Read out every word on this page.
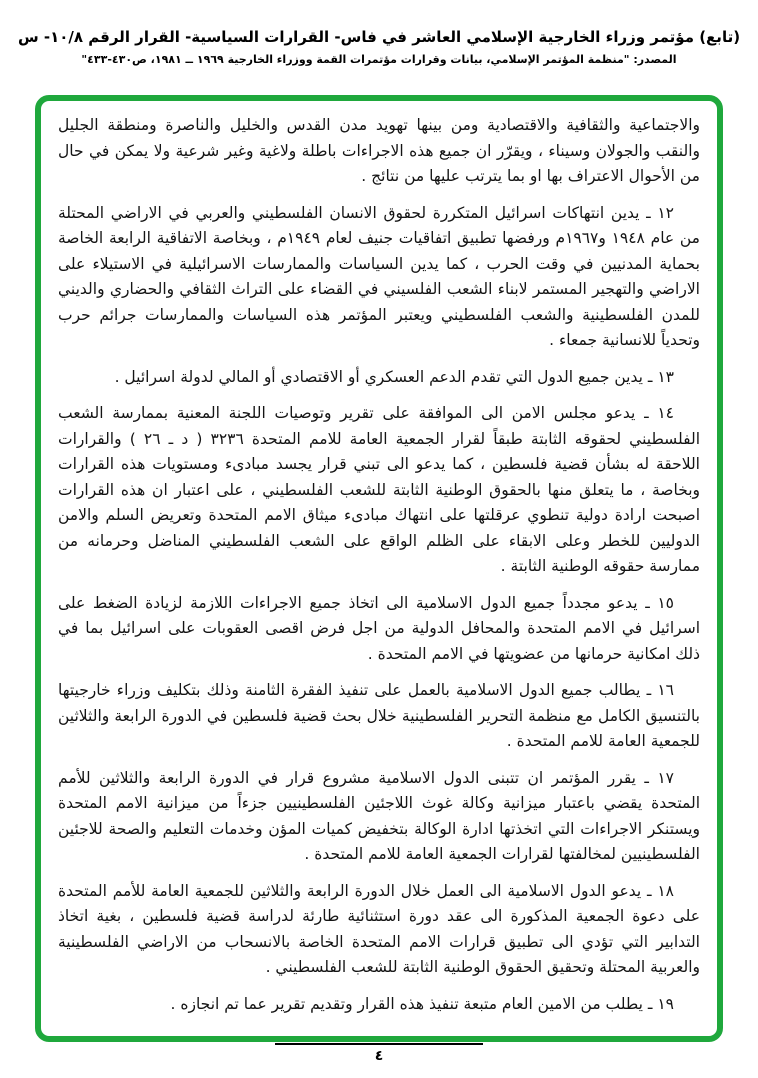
(تابع) مؤتمر وزراء الخارجية الإسلامي العاشر في فاس- القرارات السياسية- القرار الرقم ١٠/٨- س
المصدر: "منظمة المؤتمر الإسلامي، بيانات وقرارات مؤتمرات القمة ووزراء الخارجية ١٩٦٩ ــ ١٩٨١، ص٤٣٠-٤٣٣"

والاجتماعية والثقافية والاقتصادية ومن بينها تهويد مدن القدس والخليل والناصرة ومنطقة الجليل والنقب والجولان وسيناء ، ويقرّر ان جميع هذه الاجراءات باطلة ولاغية وغير شرعية ولا يمكن في حال من الأحوال الاعتراف بها او بما يترتب عليها من نتائج .

١٢ ـ يدين انتهاكات اسرائيل المتكررة لحقوق الانسان الفلسطيني والعربي في الاراضي المحتلة من عام ١٩٤٨ و١٩٦٧م ورفضها تطبيق اتفاقيات جنيف لعام ١٩٤٩م ، وبخاصة الاتفاقية الرابعة الخاصة بحماية المدنيين في وقت الحرب ، كما يدين السياسات والممارسات الاسرائيلية في الاستيلاء على الاراضي والتهجير المستمر لابناء الشعب الفلسيني في القضاء على التراث الثقافي والحضاري والديني للمدن الفلسطينية والشعب الفلسطيني ويعتبر المؤتمر هذه السياسات والممارسات جرائم حرب وتحدياً للانسانية جمعاء .

١٣ ـ يدين جميع الدول التي تقدم الدعم العسكري أو الاقتصادي أو المالي لدولة اسرائيل .

١٤ ـ يدعو مجلس الامن الى الموافقة على تقرير وتوصيات اللجنة المعنية بممارسة الشعب الفلسطيني لحقوقه الثابتة طبقاً لقرار الجمعية العامة للامم المتحدة ٣٢٣٦ ( د ـ ٢٦ ) والقرارات اللاحقة له بشأن قضية فلسطين ، كما يدعو الى تبني قرار يجسد مبادىء ومستويات هذه القرارات وبخاصة ، ما يتعلق منها بالحقوق الوطنية الثابتة للشعب الفلسطيني ، على اعتبار ان هذه القرارات اصبحت ارادة دولية تنطوي عرقلتها على انتهاك مبادىء ميثاق الامم المتحدة وتعريض السلم والامن الدوليين للخطر وعلى الابقاء على الظلم الواقع على الشعب الفلسطيني المناضل وحرمانه من ممارسة حقوقه الوطنية الثابتة .

١٥ ـ يدعو مجدداً جميع الدول الاسلامية الى اتخاذ جميع الاجراءات اللازمة لزيادة الضغط على اسرائيل في الامم المتحدة والمحافل الدولية من اجل فرض اقصى العقوبات على اسرائيل بما في ذلك امكانية حرمانها من عضويتها في الامم المتحدة .

١٦ ـ يطالب جميع الدول الاسلامية بالعمل على تنفيذ الفقرة الثامنة وذلك بتكليف وزراء خارجيتها بالتنسيق الكامل مع منظمة التحرير الفلسطينية خلال بحث قضية فلسطين في الدورة الرابعة والثلاثين للجمعية العامة للامم المتحدة .

١٧ ـ يقرر المؤتمر ان تتبنى الدول الاسلامية مشروع قرار في الدورة الرابعة والثلاثين للأمم المتحدة يقضي باعتبار ميزانية وكالة غوث اللاجئين الفلسطينيين جزءاً من ميزانية الامم المتحدة ويستنكر الاجراءات التي اتخذتها ادارة الوكالة بتخفيض كميات المؤن وخدمات التعليم والصحة للاجئين الفلسطينيين لمخالفتها لقرارات الجمعية العامة للامم المتحدة .

١٨ ـ يدعو الدول الاسلامية الى العمل خلال الدورة الرابعة والثلاثين للجمعية العامة للأمم المتحدة على دعوة الجمعية المذكورة الى عقد دورة استثنائية طارئة لدراسة قضية فلسطين ، بغية اتخاذ التدابير التي تؤدي الى تطبيق قرارات الامم المتحدة الخاصة بالانسحاب من الاراضي الفلسطينية والعربية المحتلة وتحقيق الحقوق الوطنية الثابتة للشعب الفلسطيني .

١٩ ـ يطلب من الامين العام متبعة تنفيذ هذه القرار وتقديم تقرير عما تم انجازه .

٤
